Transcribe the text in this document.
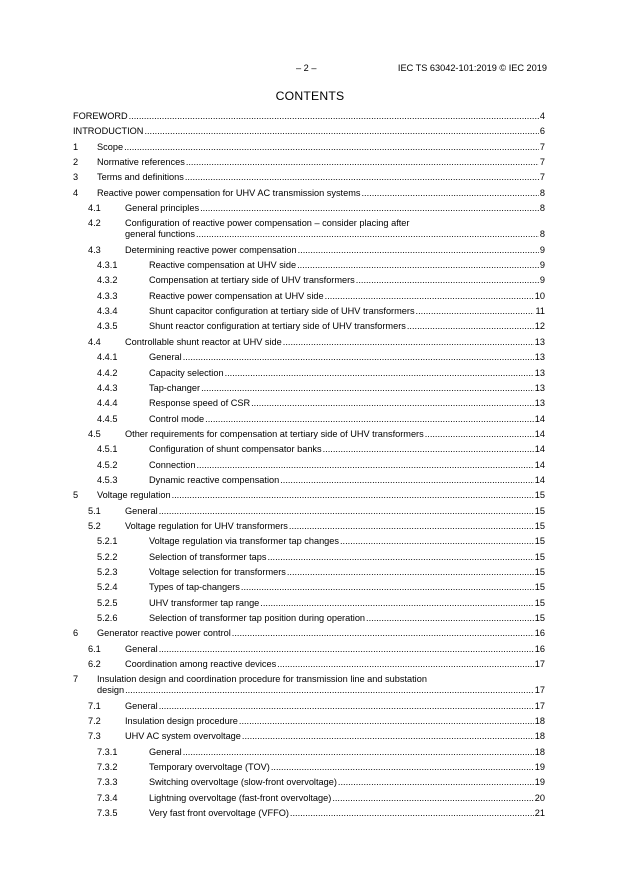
– 2 –	IEC TS 63042-101:2019 © IEC 2019
CONTENTS
FOREWORD .....	4
INTRODUCTION .....	6
1 Scope .....	7
2 Normative references .....	7
3 Terms and definitions .....	7
4 Reactive power compensation for UHV AC transmission systems .....	8
4.1	General principles .....	8
4.2	Configuration of reactive power compensation – consider placing after
general functions .....	8
4.3	Determining reactive power compensation .....	9
4.3.1	Reactive compensation at UHV side .....	9
4.3.2	Compensation at tertiary side of UHV transformers .....	9
4.3.3	Reactive power compensation at UHV side .....	10
4.3.4	Shunt capacitor configuration at tertiary side of UHV transformers .....	11
4.3.5	Shunt reactor configuration at tertiary side of UHV transformers .....	12
4.4	Controllable shunt reactor at UHV side .....	13
4.4.1	General .....	13
4.4.2	Capacity selection .....	13
4.4.3	Tap-changer .....	13
4.4.4	Response speed of CSR .....	13
4.4.5	Control mode .....	14
4.5	Other requirements for compensation at tertiary side of UHV transformers .....	14
4.5.1	Configuration of shunt compensator banks .....	14
4.5.2	Connection .....	14
4.5.3	Dynamic reactive compensation .....	14
5 Voltage regulation .....	15
5.1	General .....	15
5.2	Voltage regulation for UHV transformers .....	15
5.2.1	Voltage regulation via transformer tap changes .....	15
5.2.2	Selection of transformer taps .....	15
5.2.3	Voltage selection for transformers .....	15
5.2.4	Types of tap-changers .....	15
5.2.5	UHV transformer tap range .....	15
5.2.6	Selection of transformer tap position during operation .....	15
6 Generator reactive power control .....	16
6.1	General .....	16
6.2	Coordination among reactive devices .....	17
7 Insulation design and coordination procedure for transmission line and substation
design .....	17
7.1	General .....	17
7.2	Insulation design procedure .....	18
7.3	UHV AC system overvoltage .....	18
7.3.1	General .....	18
7.3.2	Temporary overvoltage (TOV) .....	19
7.3.3	Switching overvoltage (slow-front overvoltage) .....	19
7.3.4	Lightning overvoltage (fast-front overvoltage) .....	20
7.3.5	Very fast front overvoltage (VFFO) .....	21
